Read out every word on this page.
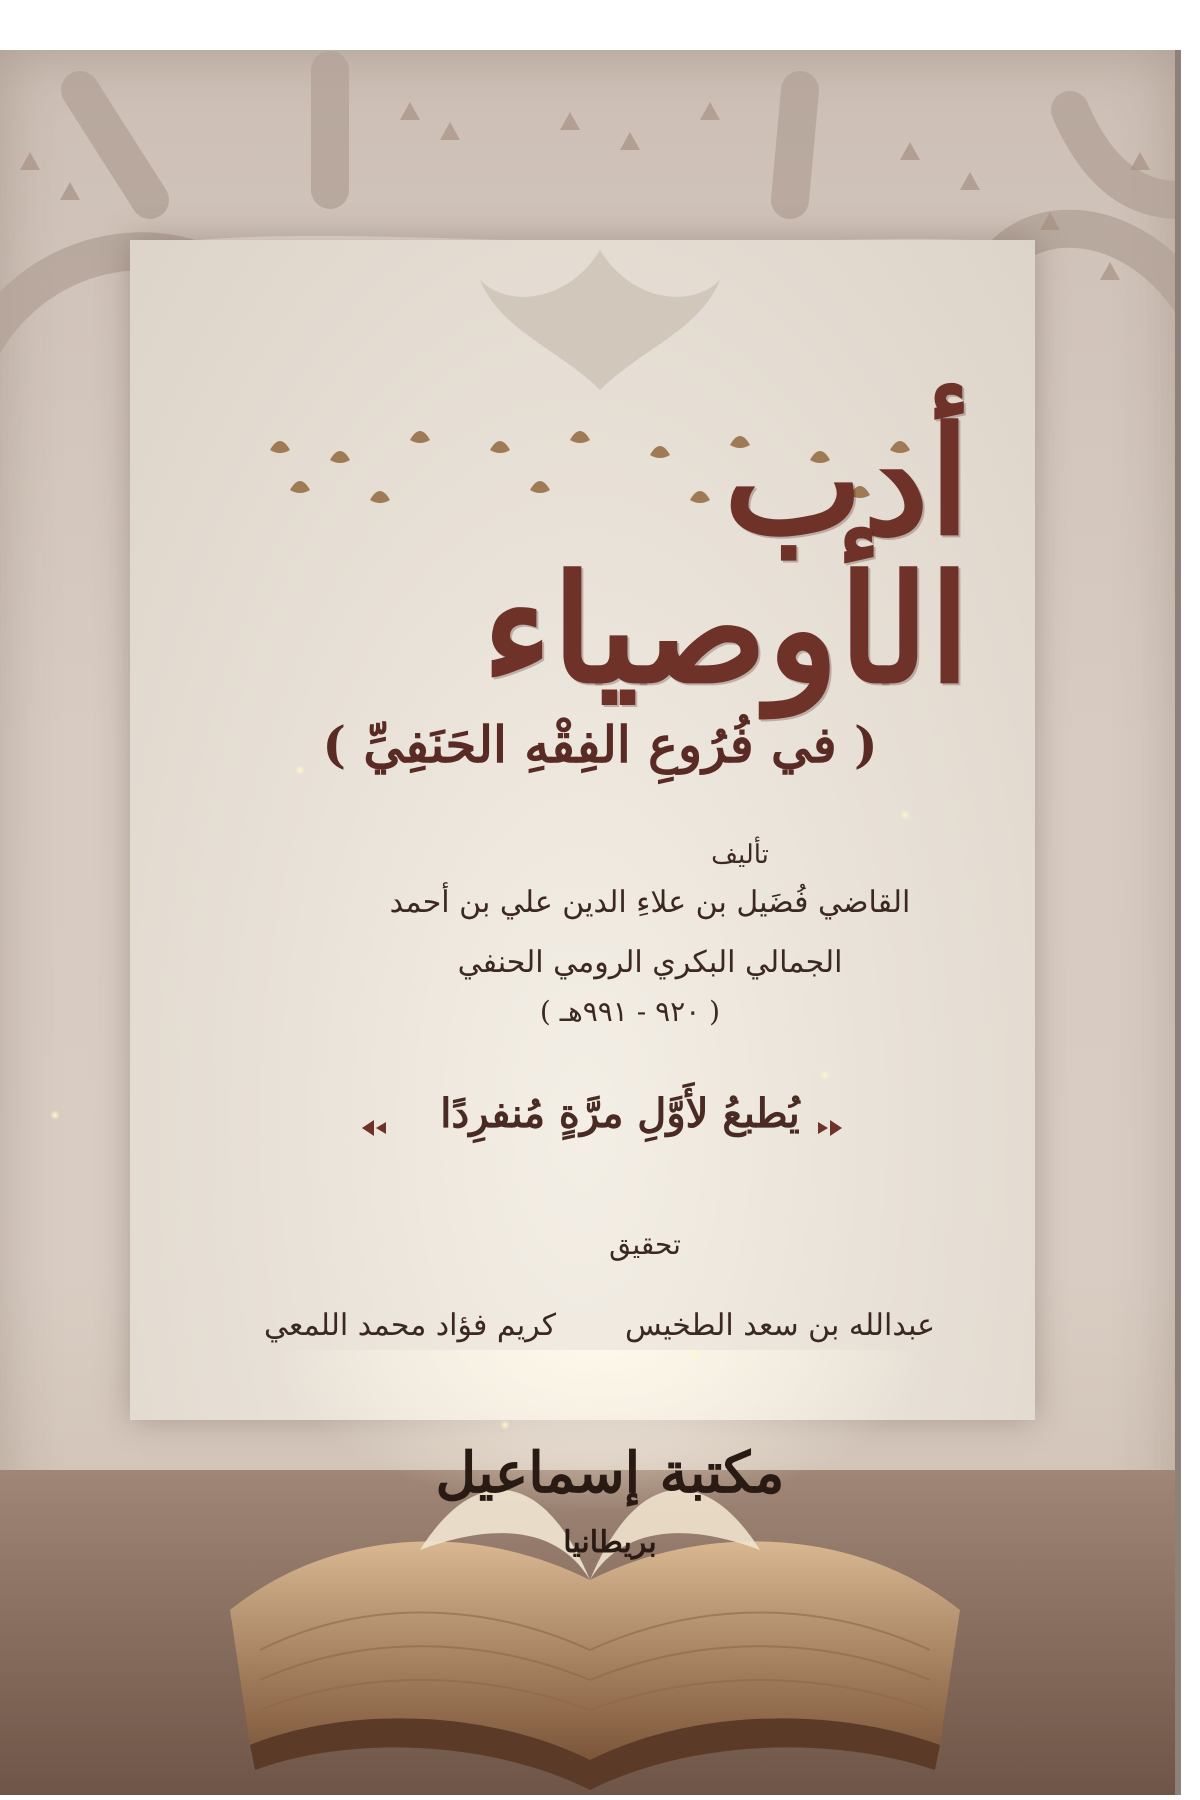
أدب الأوصياء
( في فُرُوعِ الفِقْهِ الحَنَفِيِّ )
تأليف
القاضي فُضَيل بن علاءِ الدين علي بن أحمد
الجمالي البكري الرومي الحنفي
( ٩٢٠ - ٩٩١هـ )
يُطبعُ لأَوَّلِ مرَّةٍ مُنفرِدًا
تحقيق
عبدالله بن سعد الطخيس
كريم فؤاد محمد اللمعي
مكتبة إسماعيل
بريطانيا
